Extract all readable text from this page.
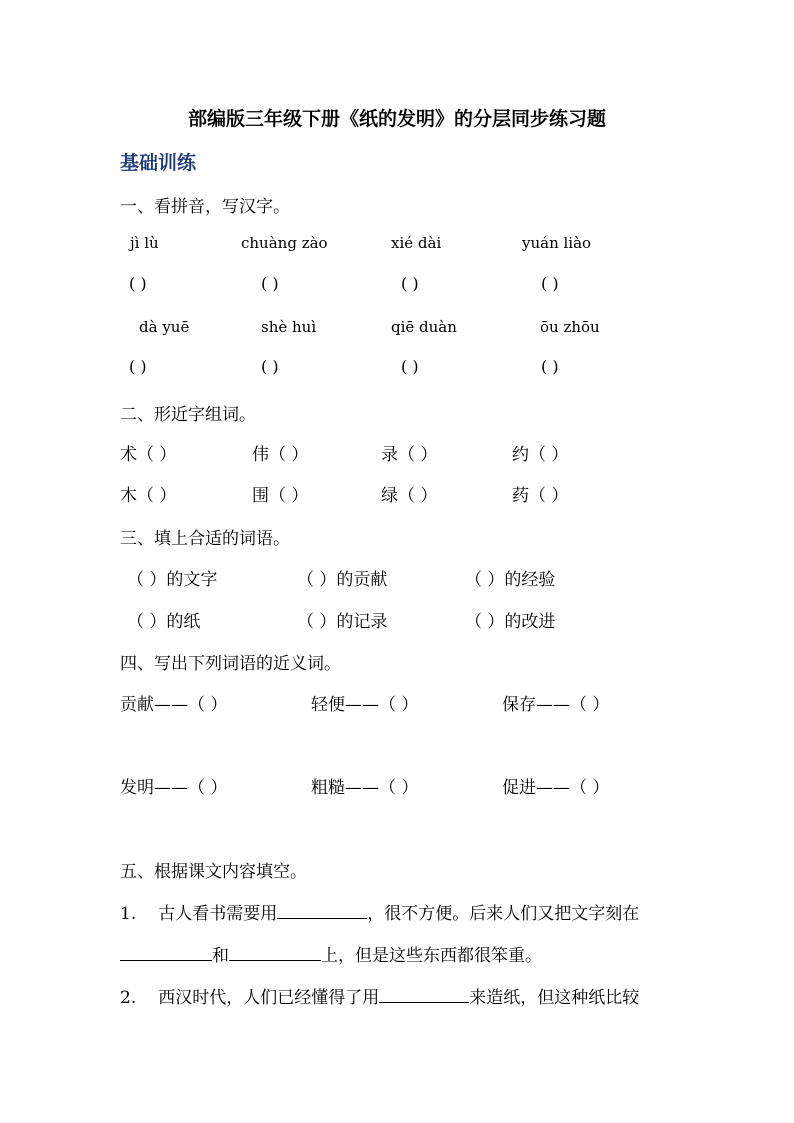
部编版三年级下册《纸的发明》的分层同步练习题
基础训练
一、看拼音，写汉字。
jì lù	chuàng zào	xié dài	yuán liào
( )	( )	( )	( )
dà yuē	shè huì	qiē duàn	ōu zhōu
( )	( )	( )	( )
二、形近字组词。
术（ ）	伟（ ）	录（ ）	约（ ）
木（ ）	围（ ）	绿（ ）	药（ ）
三、填上合适的词语。
（ ）的文字	（ ）的贡献	（ ）的经验
（ ）的纸	（ ）的记录	（ ）的改进
四、写出下列词语的近义词。
贡献——（ ）	轻便——（ ）	保存——（ ）
发明——（ ）	粗糙——（ ）	促进——（ ）
五、根据课文内容填空。
1. 古人看书需要用	，很不方便。后来人们又把文字刻在
和	上，但是这些东西都很笨重。
2. 西汉时代，人们已经懂得了用	来造纸，但这种纸比较
